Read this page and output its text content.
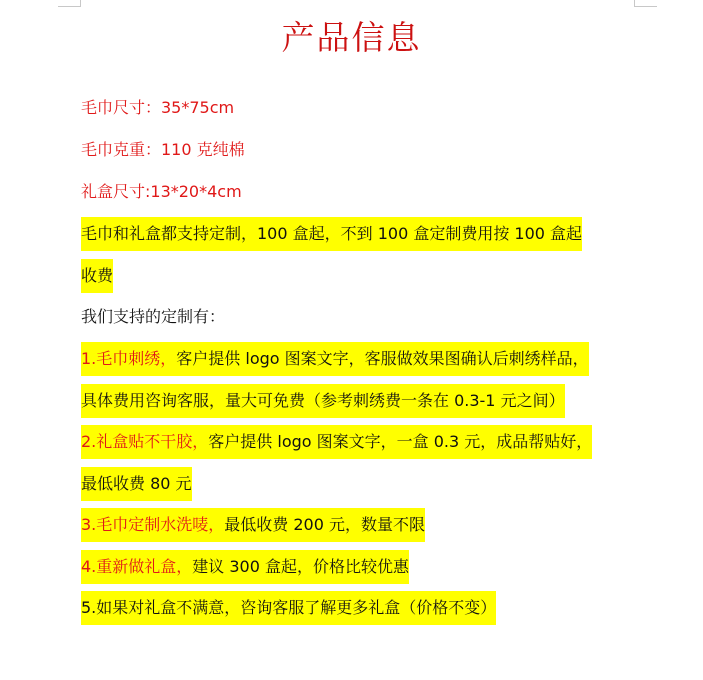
产品信息
毛巾尺寸：35*75cm
毛巾克重：110 克纯棉
礼盒尺寸:13*20*4cm
毛巾和礼盒都支持定制，100 盒起，不到 100 盒定制费用按 100 盒起
收费
我们支持的定制有：
1.毛巾刺绣，客户提供 logo 图案文字，客服做效果图确认后刺绣样品，
具体费用咨询客服，量大可免费（参考刺绣费一条在 0.3-1 元之间）
2.礼盒贴不干胶，客户提供 logo 图案文字，一盒 0.3 元，成品帮贴好，
最低收费 80 元
3.毛巾定制水洗唛，最低收费 200 元，数量不限
4.重新做礼盒，建议 300 盒起，价格比较优惠
5.如果对礼盒不满意，咨询客服了解更多礼盒（价格不变）
